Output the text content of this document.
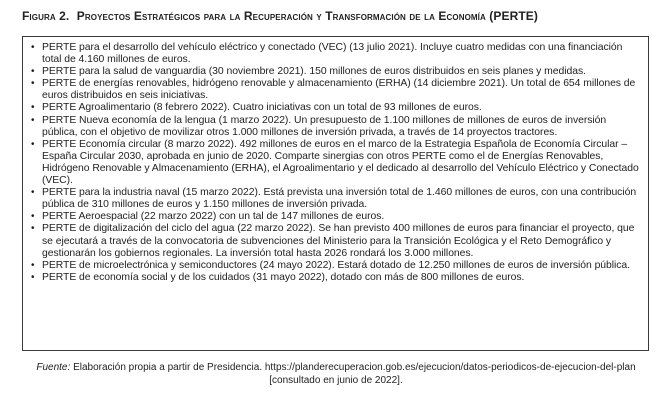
Figura 2. Proyectos Estratégicos para la Recuperación y Transformación de la Economía (PERTE)
• PERTE para el desarrollo del vehículo eléctrico y conectado (VEC) (13 julio 2021). Incluye cuatro medidas con una financiación total de 4.160 millones de euros.
• PERTE para la salud de vanguardia (30 noviembre 2021). 150 millones de euros distribuidos en seis planes y medidas.
• PERTE de energías renovables, hidrógeno renovable y almacenamiento (ERHA) (14 diciembre 2021). Un total de 654 millones de euros distribuidos en seis iniciativas.
• PERTE Agroalimentario (8 febrero 2022). Cuatro iniciativas con un total de 93 millones de euros.
• PERTE Nueva economía de la lengua (1 marzo 2022). Un presupuesto de 1.100 millones de millones de euros de inversión pública, con el objetivo de movilizar otros 1.000 millones de inversión privada, a través de 14 proyectos tractores.
• PERTE Economía circular (8 marzo 2022). 492 millones de euros en el marco de la Estrategia Española de Economía Circular – España Circular 2030, aprobada en junio de 2020. Comparte sinergias con otros PERTE como el de Energías Renovables, Hidrógeno Renovable y Almacenamiento (ERHA), el Agroalimentario y el dedicado al desarrollo del Vehículo Eléctrico y Conectado (VEC).
• PERTE para la industria naval (15 marzo 2022). Está prevista una inversión total de 1.460 millones de euros, con una contribución pública de 310 millones de euros y 1.150 millones de inversión privada.
• PERTE Aeroespacial (22 marzo 2022) con un tal de 147 millones de euros.
• PERTE de digitalización del ciclo del agua (22 marzo 2022). Se han previsto 400 millones de euros para financiar el proyecto, que se ejecutará a través de la convocatoria de subvenciones del Ministerio para la Transición Ecológica y el Reto Demográfico y gestionarán los gobiernos regionales. La inversión total hasta 2026 rondará los 3.000 millones.
• PERTE de microelectrónica y semiconductores (24 mayo 2022). Estará dotado de 12.250 millones de euros de inversión pública.
• PERTE de economía social y de los cuidados (31 mayo 2022), dotado con más de 800 millones de euros.
Fuente: Elaboración propia a partir de Presidencia. https://planderecuperacion.gob.es/ejecucion/datos-periodicos-de-ejecucion-del-plan [consultado en junio de 2022].
